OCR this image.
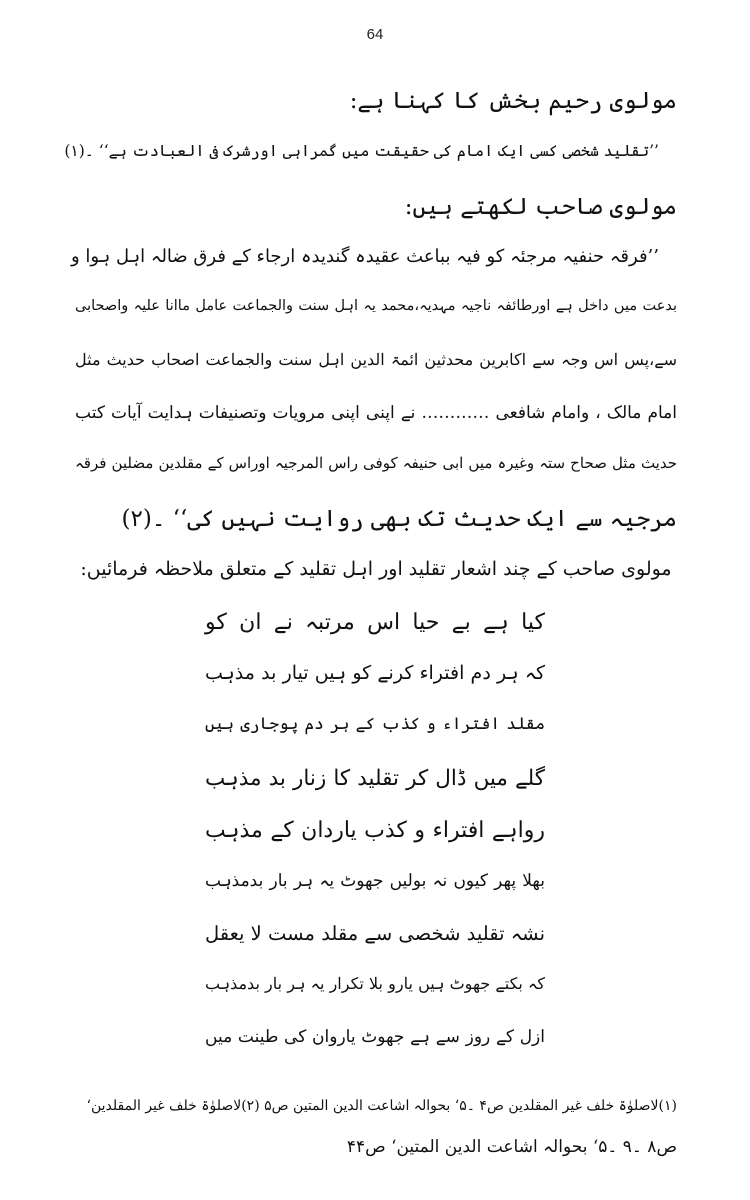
64
مولوی رحیم بخش کا کہنا ہے:
’’تقلید شخصی کسی ایک امام کی حقیقت میں گمراہی اورشرک فی العبادت ہے‘‘ ۔(۱)
مولوی صاحب لکھتے ہیں:
’’فرقہ حنفیہ مرجئہ کو فیہ بباعث عقیدہ گندیدہ ارجاء کے فرق ضالہ اہل ہوا و
بدعت میں داخل ہے اورطائفہ ناجیہ مہدیہ،محمد یہ اہل سنت والجماعت عامل ماانا علیہ واصحابی
سے،پس اس وجہ سے اکابرین محدثین ائمۃ الدین اہل سنت والجماعت اصحاب حدیث مثل
امام مالک ، وامام شافعی ………… نے اپنی اپنی مرویات وتصنیفات ہدایت آیات کتب
حدیث مثل صحاح ستہ وغیرہ میں ابی حنیفہ کوفی راس المرجیہ اوراس کے مقلدین مضلین فرقہ
مرجیہ سے ایک حدیث تک بھی روایت نہیں کی‘‘ ۔(۲)
مولوی صاحب کے چند اشعار تقلید اور اہل تقلید کے متعلق ملاحظہ فرمائیں:
کیا ہے بے حیا اس مرتبہ نے ان کو
کہ ہر دم افتراء کرنے کو ہیں تیار بد مذہب
مقلد افتراء و کذب کے ہر دم پوجاری ہیں
گلے میں ڈال کر تقلید کا زنار بد مذہب
رواہے افتراء و کذب یاردان کے مذہب
بھلا پھر کیوں نہ بولیں جھوٹ یہ ہر بار بدمذہب
نشہ تقلید شخصی سے مقلد مست لا یعقل
کہ بکتے جھوٹ ہیں یارو بلا تکرار یہ ہر بار بدمذہب
ازل کے روز سے ہے جھوٹ یاروان کی طینت میں
(۱)لاصلوٰۃ خلف غیر المقلدین ص۴ ۔۵‘ بحوالہ اشاعت الدین المتین ص۵ (۲)لاصلوٰۃ خلف غیر المقلدین‘
ص۸ ۔۹ ۔۵‘ بحوالہ اشاعت الدین المتین‘ ص۴۴
